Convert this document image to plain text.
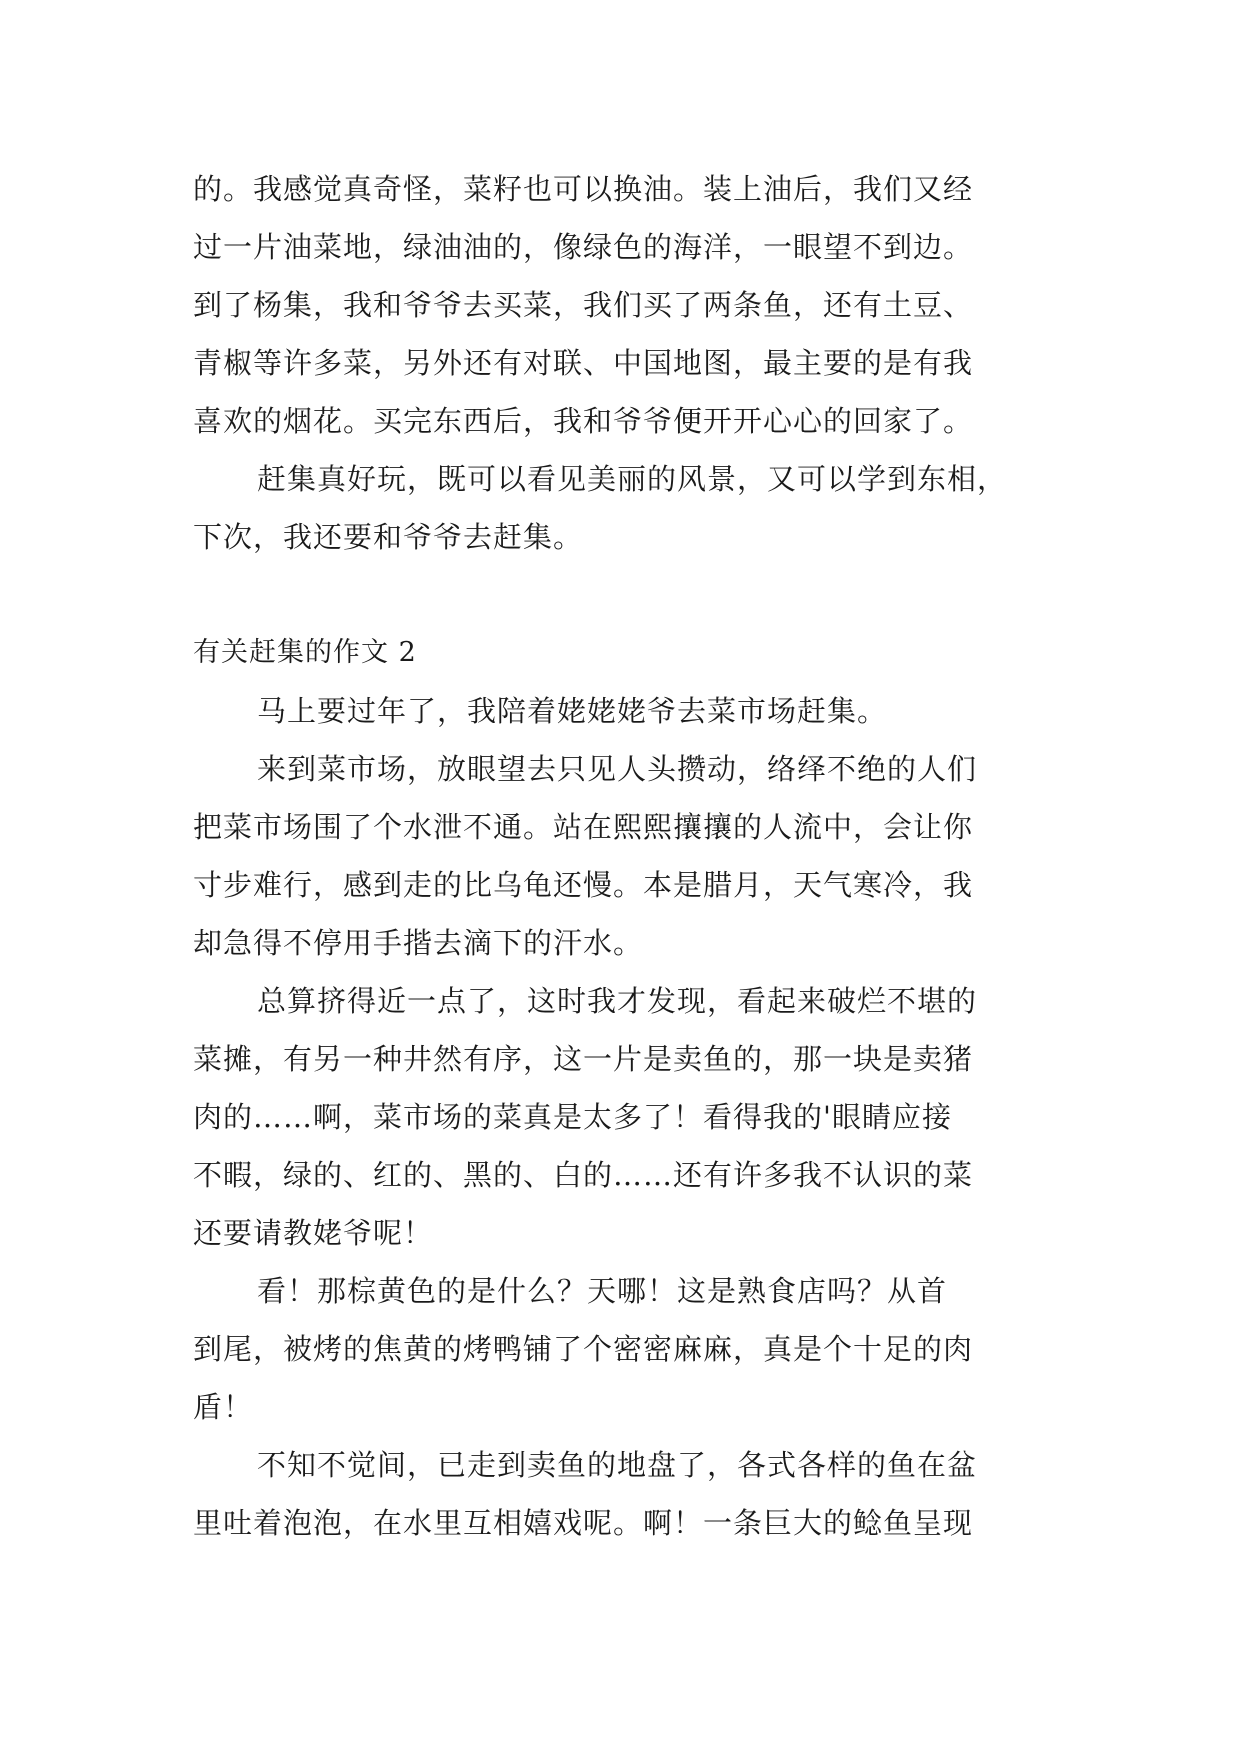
的。我感觉真奇怪，菜籽也可以换油。装上油后，我们又经
过一片油菜地，绿油油的，像绿色的海洋，一眼望不到边。
到了杨集，我和爷爷去买菜，我们买了两条鱼，还有土豆、
青椒等许多菜，另外还有对联、中国地图，最主要的是有我
喜欢的烟花。买完东西后，我和爷爷便开开心心的回家了。
赶集真好玩，既可以看见美丽的风景，又可以学到东相，
下次，我还要和爷爷去赶集。
有关赶集的作文 2
马上要过年了，我陪着姥姥姥爷去菜市场赶集。
来到菜市场，放眼望去只见人头攒动，络绎不绝的人们
把菜市场围了个水泄不通。站在熙熙攘攘的人流中，会让你
寸步难行，感到走的比乌龟还慢。本是腊月，天气寒冷，我
却急得不停用手揩去滴下的汗水。
总算挤得近一点了，这时我才发现，看起来破烂不堪的
菜摊，有另一种井然有序，这一片是卖鱼的，那一块是卖猪
肉的……啊，菜市场的菜真是太多了！看得我的'眼睛应接
不暇，绿的、红的、黑的、白的……还有许多我不认识的菜
还要请教姥爷呢！
看！那棕黄色的是什么？天哪！这是熟食店吗？从首
到尾，被烤的焦黄的烤鸭铺了个密密麻麻，真是个十足的肉
盾！
不知不觉间，已走到卖鱼的地盘了，各式各样的鱼在盆
里吐着泡泡，在水里互相嬉戏呢。啊！一条巨大的鲶鱼呈现
